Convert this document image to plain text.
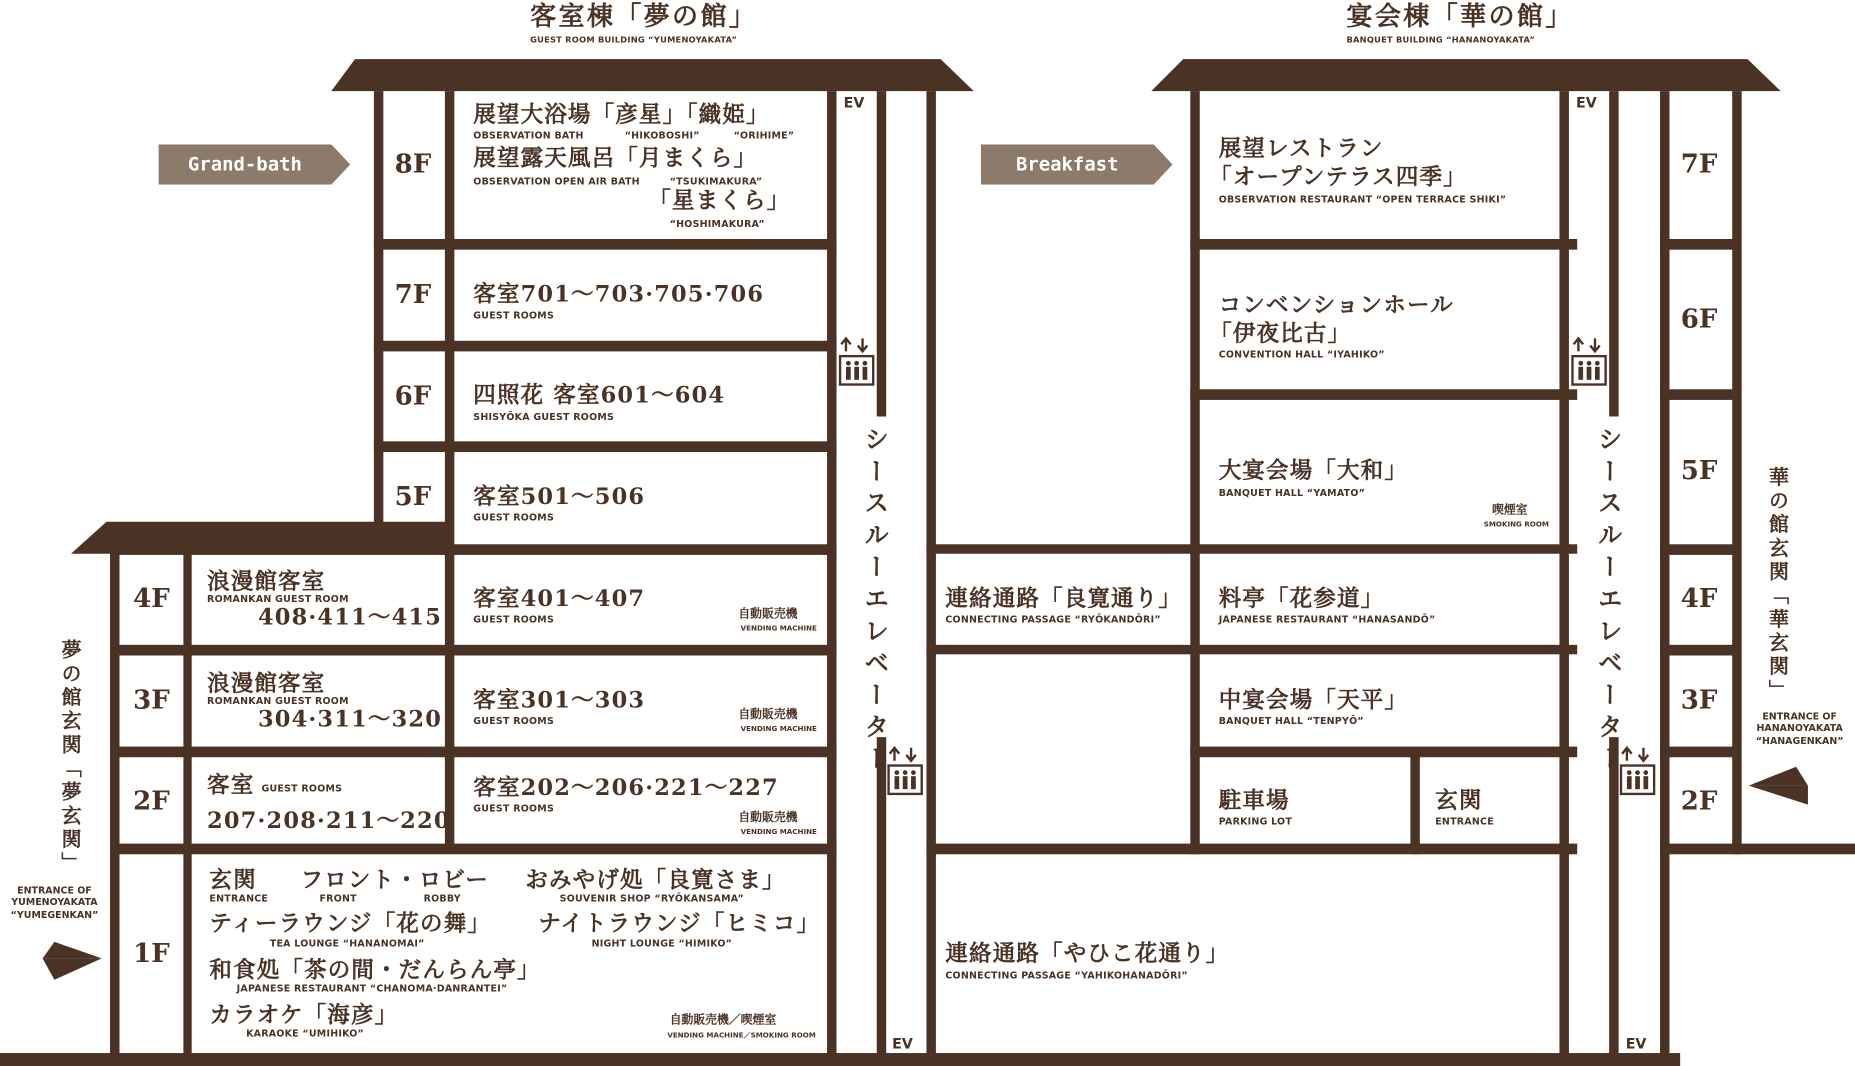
客室棟「夢の館」
GUEST ROOM BUILDING “YUMENOYAKATA”
宴会棟「華の館」
BANQUET BUILDING “HANANOYAKATA”
Grand-bath	Breakfast
8F
7F
6F
5F
4F
3F
2F
1F
7F
6F
5F
4F
3F
2F
EV
EV
EV
EV
シースルーエレベーター	シースルーエレベーター
展望大浴場「彦星」「織姫」
OBSERVATION BATH	“HIKOBOSHI”	“ORIHIME”
展望露天風呂「月まくら」
OBSERVATION OPEN AIR BATH	“TSUKIMAKURA”
「星まくら」
“HOSHIMAKURA”
客室701～703·705·706
GUEST ROOMS
四照花 客室601～604
SHISYŌKA GUEST ROOMS
客室501～506
GUEST ROOMS
浪漫館客室
ROMANKAN GUEST ROOM
408·411～415
客室401～407
GUEST ROOMS	自動販売機
VENDING MACHINE
浪漫館客室
ROMANKAN GUEST ROOM
304·311～320
客室301～303
GUEST ROOMS	自動販売機
VENDING MACHINE
客室 GUEST ROOMS
207·208·211～220
客室202～206·221～227
GUEST ROOMS
自動販売機
VENDING MACHINE
玄関
ENTRANCE
フロント・ロビー
FRONT	ROBBY
おみやげ処「良寛さま」
SOUVENIR SHOP “RYŌKANSAMA”
ティーラウンジ「花の舞」
TEA LOUNGE “HANANOMAI”
ナイトラウンジ「ヒミコ」
NIGHT LOUNGE “HIMIKO”
和食処「茶の間・だんらん亭」
JAPANESE RESTAURANT “CHANOMA·DANRANTEI”
カラオケ「海彦」
KARAOKE “UMIHIKO”
自動販売機／喫煙室
VENDING MACHINE／SMOKING ROOM
連絡通路「良寛通り」
CONNECTING PASSAGE “RYŌKANDŌRI”
連絡通路「やひこ花通り」
CONNECTING PASSAGE “YAHIKOHANADŌRI”
展望レストラン
「オープンテラス四季」
OBSERVATION RESTAURANT “OPEN TERRACE SHIKI”
コンベンションホール
「伊夜比古」
CONVENTION HALL “IYAHIKO”
大宴会場「大和」
BANQUET HALL “YAMATO”
喫煙室
SMOKING ROOM
料亭「花参道」
JAPANESE RESTAURANT “HANASANDŌ”
中宴会場「天平」
BANQUET HALL “TENPYŌ”
駐車場
PARKING LOT
玄関
ENTRANCE
夢の館玄関「夢玄関」
ENTRANCE OF
YUMENOYAKATA
“YUMEGENKAN”
華の館玄関「華玄関」
ENTRANCE OF
HANANOYAKATA
“HANAGENKAN”
